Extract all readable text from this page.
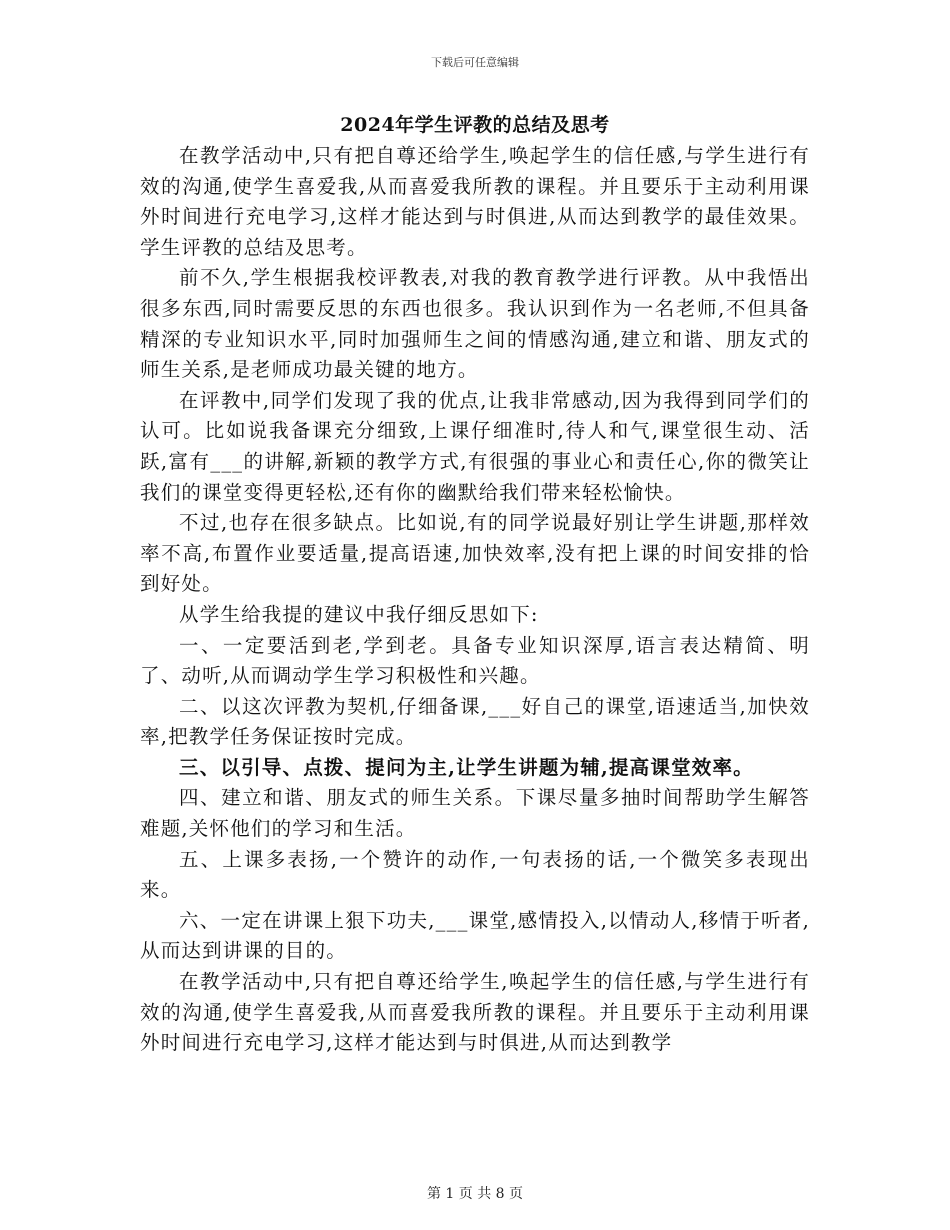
下载后可任意编辑
2024年学生评教的总结及思考

在教学活动中,只有把自尊还给学生,唤起学生的信任感,与学生进行有效的沟通,使学生喜爱我,从而喜爱我所教的课程。并且要乐于主动利用课外时间进行充电学习,这样才能达到与时俱进,从而达到教学的最佳效果。学生评教的总结及思考。

前不久,学生根据我校评教表,对我的教育教学进行评教。从中我悟出很多东西,同时需要反思的东西也很多。我认识到作为一名老师,不但具备精深的专业知识水平,同时加强师生之间的情感沟通,建立和谐、朋友式的师生关系,是老师成功最关键的地方。

在评教中,同学们发现了我的优点,让我非常感动,因为我得到同学们的认可。比如说我备课充分细致,上课仔细准时,待人和气,课堂很生动、活跃,富有___的讲解,新颖的教学方式,有很强的事业心和责任心,你的微笑让我们的课堂变得更轻松,还有你的幽默给我们带来轻松愉快。

不过,也存在很多缺点。比如说,有的同学说最好别让学生讲题,那样效率不高,布置作业要适量,提高语速,加快效率,没有把上课的时间安排的恰到好处。

从学生给我提的建议中我仔细反思如下:

一、一定要活到老,学到老。具备专业知识深厚,语言表达精简、明了、动听,从而调动学生学习积极性和兴趣。

二、以这次评教为契机,仔细备课,___好自己的课堂,语速适当,加快效率,把教学任务保证按时完成。

三、以引导、点拨、提问为主,让学生讲题为辅,提高课堂效率。

四、建立和谐、朋友式的师生关系。下课尽量多抽时间帮助学生解答难题,关怀他们的学习和生活。

五、上课多表扬,一个赞许的动作,一句表扬的话,一个微笑多表现出来。

六、一定在讲课上狠下功夫,___课堂,感情投入,以情动人,移情于听者,从而达到讲课的目的。

在教学活动中,只有把自尊还给学生,唤起学生的信任感,与学生进行有效的沟通,使学生喜爱我,从而喜爱我所教的课程。并且要乐于主动利用课外时间进行充电学习,这样才能达到与时俱进,从而达到教学

第 1 页 共 8 页
